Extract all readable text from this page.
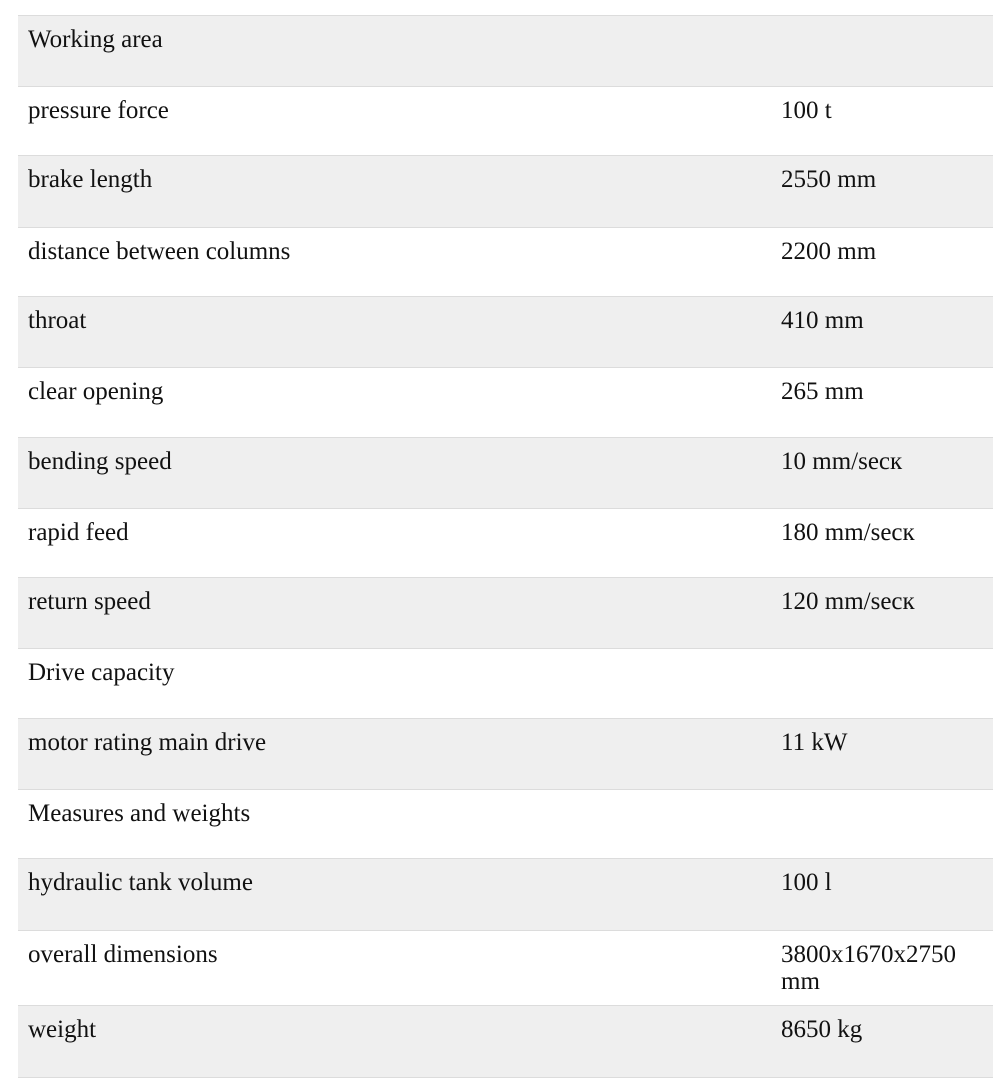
Working area	
pressure force	100 t
brake length	2550 mm
distance between columns	2200 mm
throat	410 mm
clear opening	265 mm
bending speed	10 mm/secк
rapid feed	180 mm/secк
return speed	120 mm/secк
Drive capacity	
motor rating main drive	11 kW
Measures and weights	
hydraulic tank volume	100 l
overall dimensions	3800x1670x2750 mm
weight	8650 kg
